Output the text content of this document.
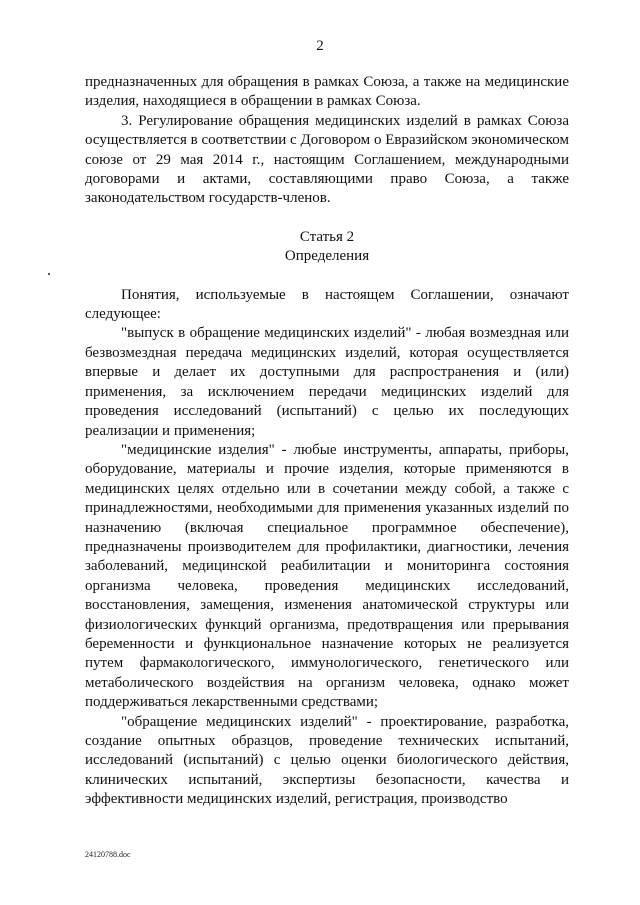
2

предназначенных для обращения в рамках Союза, а также на медицинские изделия, находящиеся в обращении в рамках Союза.

3. Регулирование обращения медицинских изделий в рамках Союза осуществляется в соответствии с Договором о Евразийском экономическом союзе от 29 мая 2014 г., настоящим Соглашением, международными договорами и актами, составляющими право Союза, а также законодательством государств-членов.

Статья 2

Определения

Понятия, используемые в настоящем Соглашении, означают следующее:

"выпуск в обращение медицинских изделий" - любая возмездная или безвозмездная передача медицинских изделий, которая осуществляется впервые и делает их доступными для распространения и (или) применения, за исключением передачи медицинских изделий для проведения исследований (испытаний) с целью их последующих реализации и применения;

"медицинские изделия" - любые инструменты, аппараты, приборы, оборудование, материалы и прочие изделия, которые применяются в медицинских целях отдельно или в сочетании между собой, а также с принадлежностями, необходимыми для применения указанных изделий по назначению (включая специальное программное обеспечение), предназначены производителем для профилактики, диагностики, лечения заболеваний, медицинской реабилитации и мониторинга состояния организма человека, проведения медицинских исследований, восстановления, замещения, изменения анатомической структуры или физиологических функций организма, предотвращения или прерывания беременности и функциональное назначение которых не реализуется путем фармакологического, иммунологического, генетического или метаболического воздействия на организм человека, однако может поддерживаться лекарственными средствами;

"обращение медицинских изделий" - проектирование, разработка, создание опытных образцов, проведение технических испытаний, исследований (испытаний) с целью оценки биологического действия, клинических испытаний, экспертизы безопасности, качества и эффективности медицинских изделий, регистрация, производство

24120788.doc
